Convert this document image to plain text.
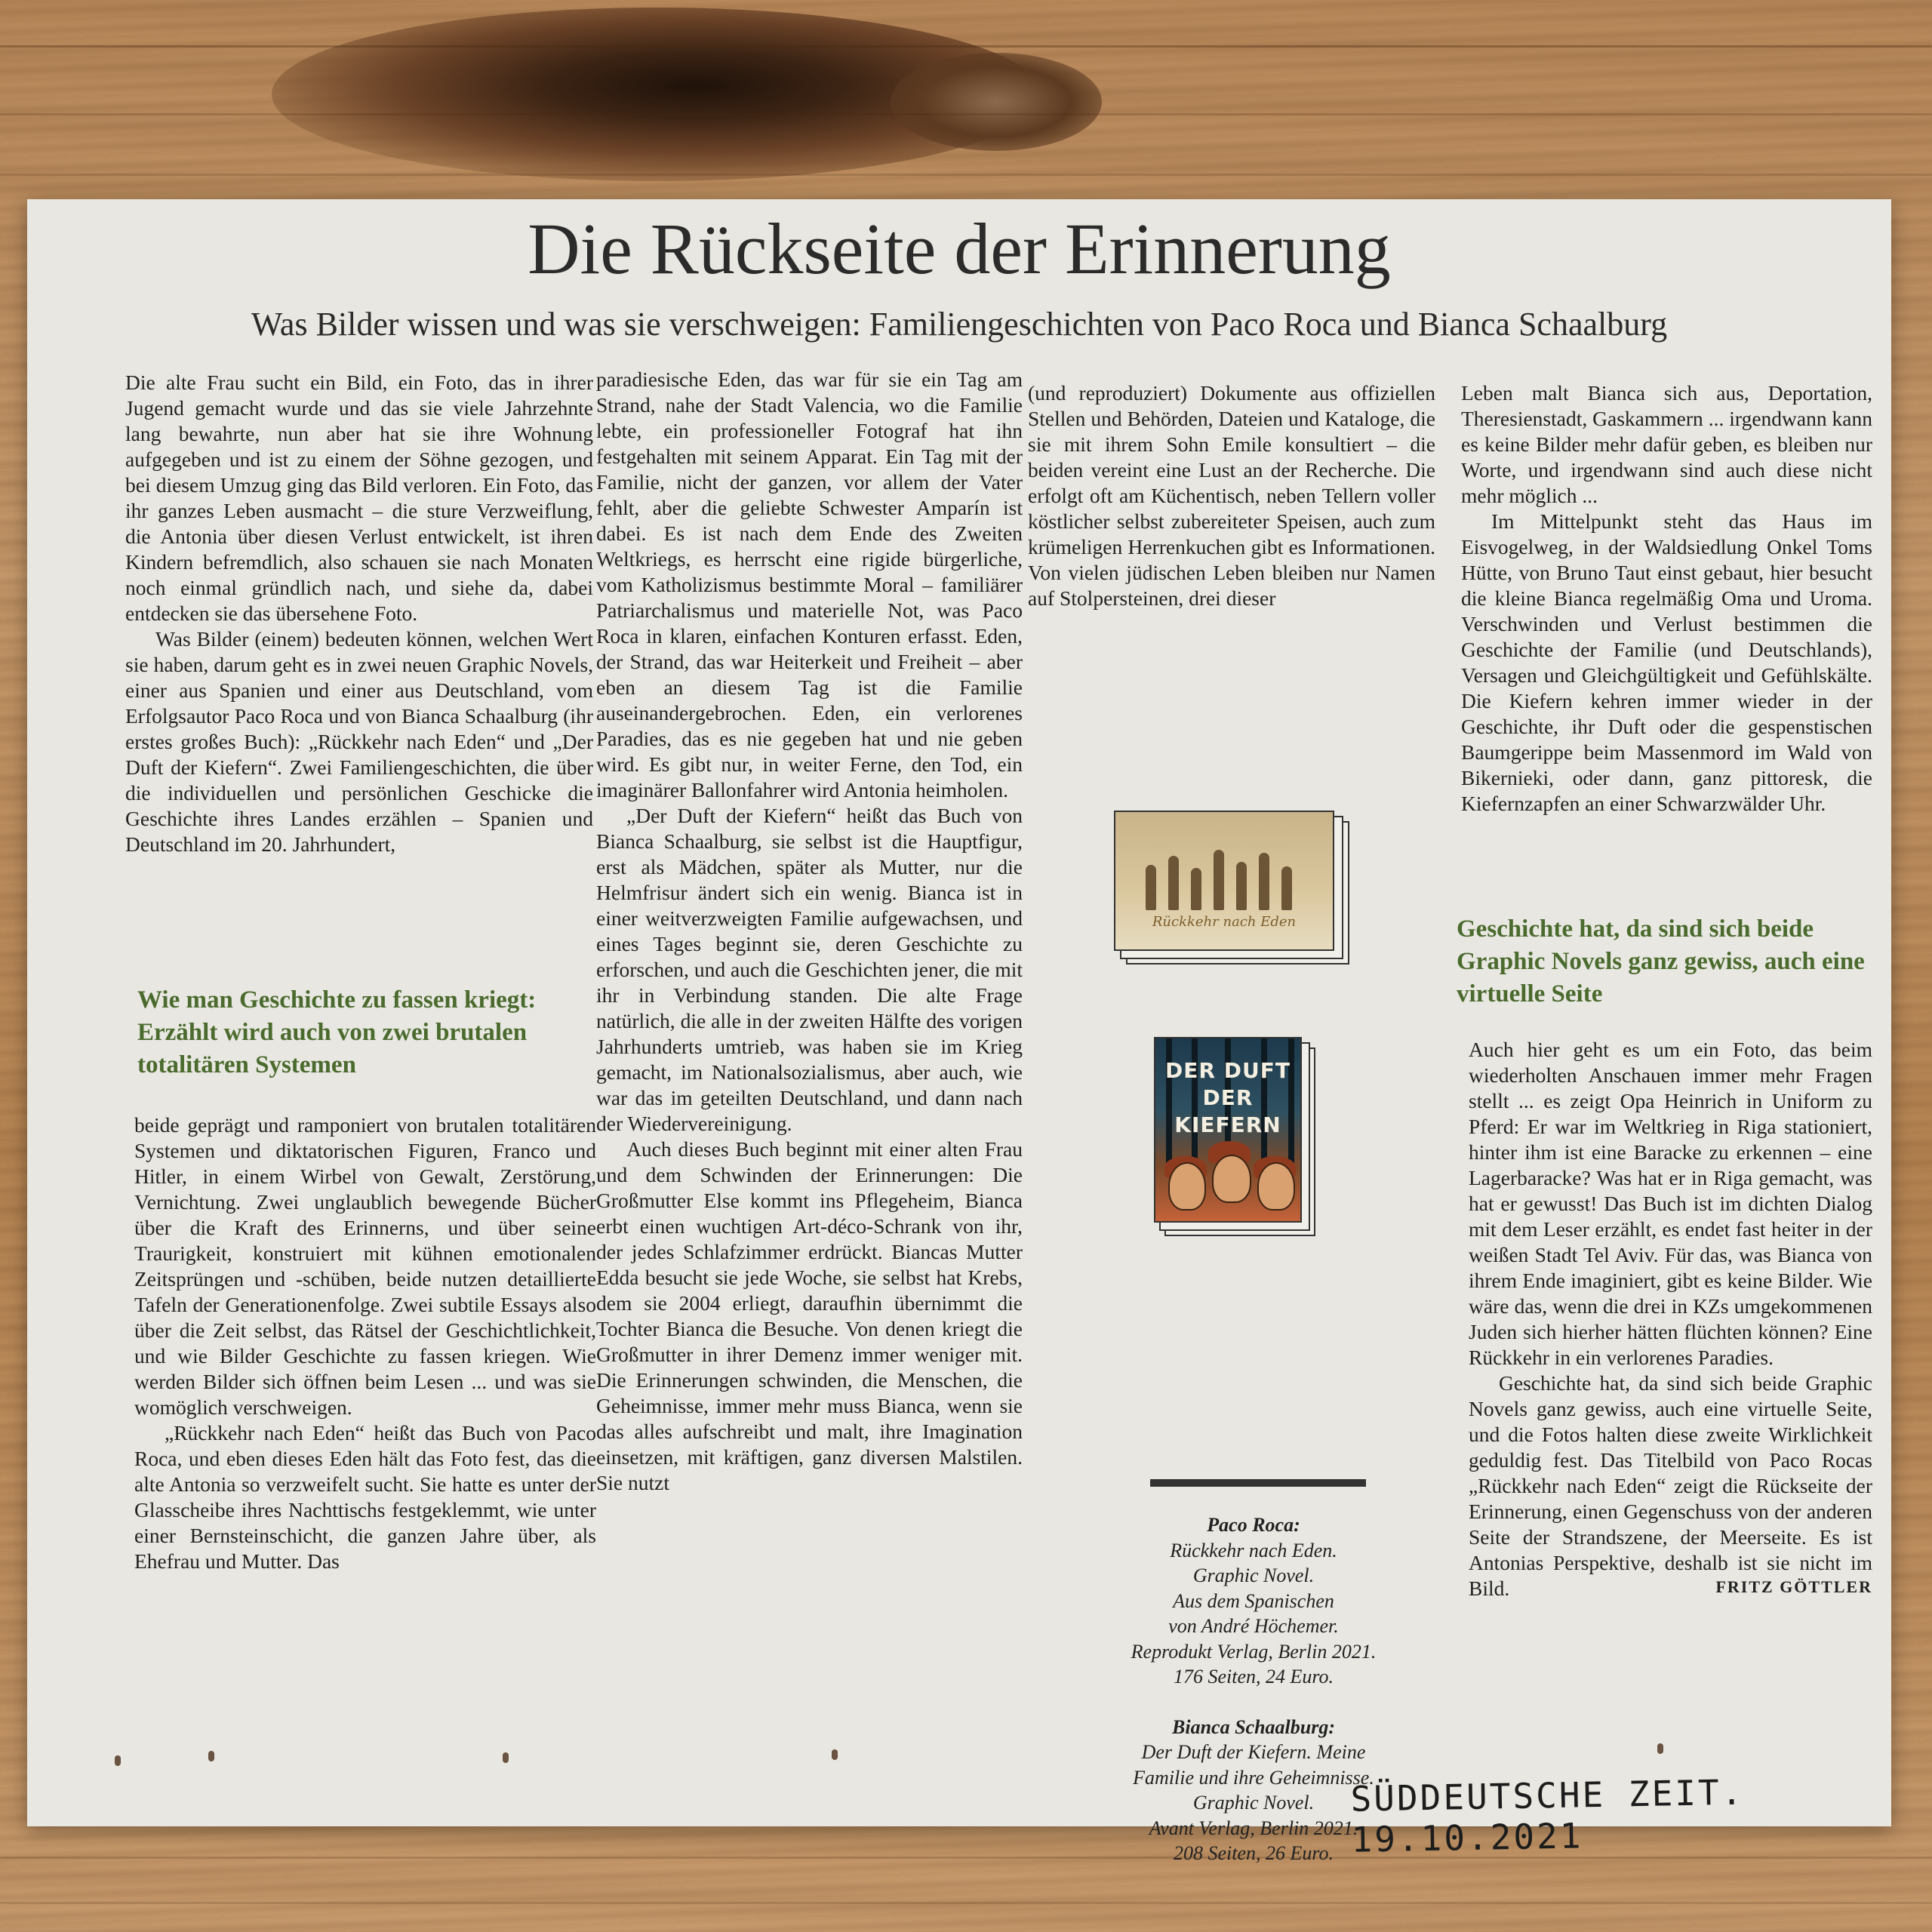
Die Rückseite der Erinnerung
Was Bilder wissen und was sie verschweigen: Familiengeschichten von Paco Roca und Bianca Schaalburg

Die alte Frau sucht ein Bild, ein Foto, das in ihrer Jugend gemacht wurde und das sie viele Jahrzehnte lang bewahrte, nun aber hat sie ihre Wohnung aufgegeben und ist zu einem der Söhne gezogen, und bei diesem Umzug ging das Bild verloren. Ein Foto, das ihr ganzes Leben ausmacht – die sture Verzweiflung, die Antonia über diesen Verlust entwickelt, ist ihren Kindern befremdlich, also schauen sie nach Monaten noch einmal gründlich nach, und siehe da, dabei entdecken sie das übersehene Foto.

Was Bilder (einem) bedeuten können, welchen Wert sie haben, darum geht es in zwei neuen Graphic Novels, einer aus Spanien und einer aus Deutschland, vom Erfolgsautor Paco Roca und von Bianca Schaalburg (ihr erstes großes Buch): „Rückkehr nach Eden“ und „Der Duft der Kiefern“. Zwei Familiengeschichten, die über die individuellen und persönlichen Geschicke die Geschichte ihres Landes erzählen – Spanien und Deutschland im 20. Jahrhundert,

Wie man Geschichte zu fassen kriegt: Erzählt wird auch von zwei brutalen totalitären Systemen

beide geprägt und ramponiert von brutalen totalitären Systemen und diktatorischen Figuren, Franco und Hitler, in einem Wirbel von Gewalt, Zerstörung, Vernichtung. Zwei unglaublich bewegende Bücher über die Kraft des Erinnerns, und über seine Traurigkeit, konstruiert mit kühnen emotionalen Zeitsprüngen und -schüben, beide nutzen detaillierte Tafeln der Generationenfolge. Zwei subtile Essays also über die Zeit selbst, das Rätsel der Geschichtlichkeit, und wie Bilder Geschichte zu fassen kriegen. Wie werden Bilder sich öffnen beim Lesen ... und was sie womöglich verschweigen.

„Rückkehr nach Eden“ heißt das Buch von Paco Roca, und eben dieses Eden hält das Foto fest, das die alte Antonia so verzweifelt sucht. Sie hatte es unter der Glasscheibe ihres Nachttischs festgeklemmt, wie unter einer Bernsteinschicht, die ganzen Jahre über, als Ehefrau und Mutter. Das

paradiesische Eden, das war für sie ein Tag am Strand, nahe der Stadt Valencia, wo die Familie lebte, ein professioneller Fotograf hat ihn festgehalten mit seinem Apparat. Ein Tag mit der Familie, nicht der ganzen, vor allem der Vater fehlt, aber die geliebte Schwester Amparín ist dabei. Es ist nach dem Ende des Zweiten Weltkriegs, es herrscht eine rigide bürgerliche, vom Katholizismus bestimmte Moral – familiärer Patriarchalismus und materielle Not, was Paco Roca in klaren, einfachen Konturen erfasst. Eden, der Strand, das war Heiterkeit und Freiheit – aber eben an diesem Tag ist die Familie auseinandergebrochen. Eden, ein verlorenes Paradies, das es nie gegeben hat und nie geben wird. Es gibt nur, in weiter Ferne, den Tod, ein imaginärer Ballonfahrer wird Antonia heimholen.

„Der Duft der Kiefern“ heißt das Buch von Bianca Schaalburg, sie selbst ist die Hauptfigur, erst als Mädchen, später als Mutter, nur die Helmfrisur ändert sich ein wenig. Bianca ist in einer weitverzweigten Familie aufgewachsen, und eines Tages beginnt sie, deren Geschichte zu erforschen, und auch die Geschichten jener, die mit ihr in Verbindung standen. Die alte Frage natürlich, die alle in der zweiten Hälfte des vorigen Jahrhunderts umtrieb, was haben sie im Krieg gemacht, im Nationalsozialismus, aber auch, wie war das im geteilten Deutschland, und dann nach der Wiedervereinigung.

Auch dieses Buch beginnt mit einer alten Frau und dem Schwinden der Erinnerungen: Die Großmutter Else kommt ins Pflegeheim, Bianca erbt einen wuchtigen Art-déco-Schrank von ihr, der jedes Schlafzimmer erdrückt. Biancas Mutter Edda besucht sie jede Woche, sie selbst hat Krebs, dem sie 2004 erliegt, daraufhin übernimmt die Tochter Bianca die Besuche. Von denen kriegt die Großmutter in ihrer Demenz immer weniger mit. Die Erinnerungen schwinden, die Menschen, die Geheimnisse, immer mehr muss Bianca, wenn sie das alles aufschreibt und malt, ihre Imagination einsetzen, mit kräftigen, ganz diversen Malstilen. Sie nutzt

(und reproduziert) Dokumente aus offiziellen Stellen und Behörden, Dateien und Kataloge, die sie mit ihrem Sohn Emile konsultiert – die beiden vereint eine Lust an der Recherche. Die erfolgt oft am Küchentisch, neben Tellern voller köstlicher selbst zubereiteter Speisen, auch zum krümeligen Herrenkuchen gibt es Informationen. Von vielen jüdischen Leben bleiben nur Namen auf Stolpersteinen, drei dieser

Rückkehr nach Eden
DER DUFT
DER
KIEFERN
Paco Roca:
Rückkehr nach Eden.
Graphic Novel.
Aus dem Spanischen
von André Höchemer.
Reprodukt Verlag, Berlin 2021.
176 Seiten, 24 Euro.
Bianca Schaalburg:
Der Duft der Kiefern. Meine
Familie und ihre Geheimnisse.
Graphic Novel.
Avant Verlag, Berlin 2021.
208 Seiten, 26 Euro.

Leben malt Bianca sich aus, Deportation, Theresienstadt, Gaskammern ... irgendwann kann es keine Bilder mehr dafür geben, es bleiben nur Worte, und irgendwann sind auch diese nicht mehr möglich ...

Im Mittelpunkt steht das Haus im Eisvogelweg, in der Waldsiedlung Onkel Toms Hütte, von Bruno Taut einst gebaut, hier besucht die kleine Bianca regelmäßig Oma und Uroma. Verschwinden und Verlust bestimmen die Geschichte der Familie (und Deutschlands), Versagen und Gleichgültigkeit und Gefühlskälte. Die Kiefern kehren immer wieder in der Geschichte, ihr Duft oder die gespenstischen Baumgerippe beim Massenmord im Wald von Bikernieki, oder dann, ganz pittoresk, die Kiefernzapfen an einer Schwarzwälder Uhr.

Geschichte hat, da sind sich beide Graphic Novels ganz gewiss, auch eine virtuelle Seite

Auch hier geht es um ein Foto, das beim wiederholten Anschauen immer mehr Fragen stellt ... es zeigt Opa Heinrich in Uniform zu Pferd: Er war im Weltkrieg in Riga stationiert, hinter ihm ist eine Baracke zu erkennen – eine Lagerbaracke? Was hat er in Riga gemacht, was hat er gewusst! Das Buch ist im dichten Dialog mit dem Leser erzählt, es endet fast heiter in der weißen Stadt Tel Aviv. Für das, was Bianca von ihrem Ende imaginiert, gibt es keine Bilder. Wie wäre das, wenn die drei in KZs umgekommenen Juden sich hierher hätten flüchten können? Eine Rückkehr in ein verlorenes Paradies.

Geschichte hat, da sind sich beide Graphic Novels ganz gewiss, auch eine virtuelle Seite, und die Fotos halten diese zweite Wirklichkeit geduldig fest. Das Titelbild von Paco Rocas „Rückkehr nach Eden“ zeigt die Rückseite der Erinnerung, einen Gegenschuss von der anderen Seite der Strandszene, der Meerseite. Es ist Antonias Perspektive, deshalb ist sie nicht im Bild.	FRITZ GÖTTLER
SÜDDEUTSCHE ZEIT. 19.10.2021
